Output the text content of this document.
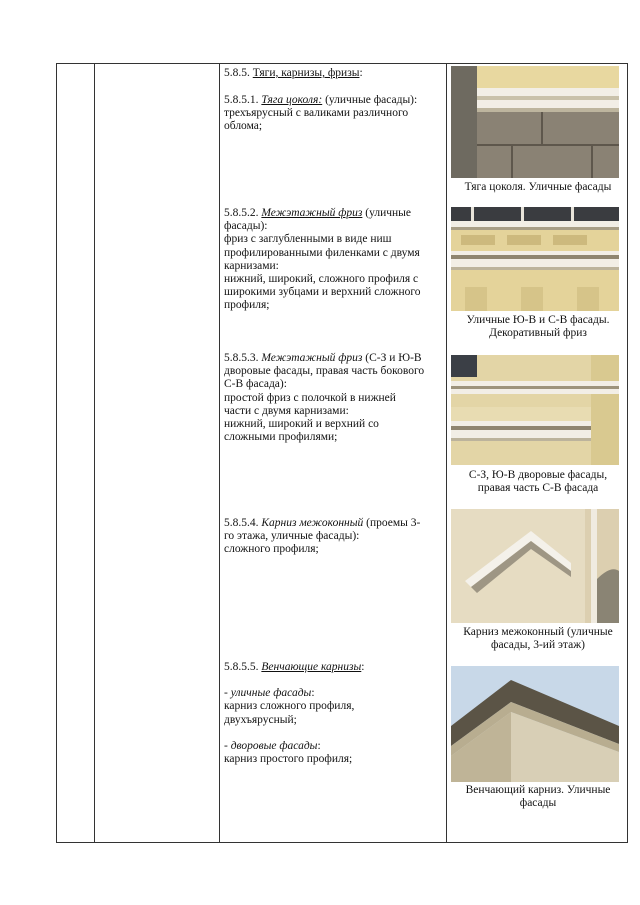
5.8.5. Тяги, карнизы, фризы:

5.8.5.1. Тяга цоколя: (уличные фасады):

трехъярусный с валиками различного

облома;

5.8.5.2. Межэтажный фриз (уличные

фасады):

фриз с заглубленными в виде ниш

профилированными филенками с двумя

карнизами:

нижний, широкий, сложного профиля с

широкими зубцами и верхний сложного

профиля;

5.8.5.3. Межэтажный фриз (С-З и Ю-В

дворовые фасады, правая часть бокового

С-В фасада):

простой фриз с полочкой в нижней

части с двумя карнизами:

нижний, широкий и верхний со

сложными профилями;

5.8.5.4. Карниз межоконный (проемы 3-

го этажа, уличные фасады):

сложного профиля;

5.8.5.5. Венчающие карнизы:

- уличные фасады:

карниз сложного профиля,

двухъярусный;

- дворовые фасады:

карниз простого профиля;

Тяга цоколя. Уличные фасады

Уличные Ю-В и С-В фасады.

Декоративный фриз

С-З, Ю-В дворовые фасады,

правая часть С-В фасада

Карниз межоконный (уличные

фасады, 3-ий этаж)

Венчающий карниз. Уличные

фасады
